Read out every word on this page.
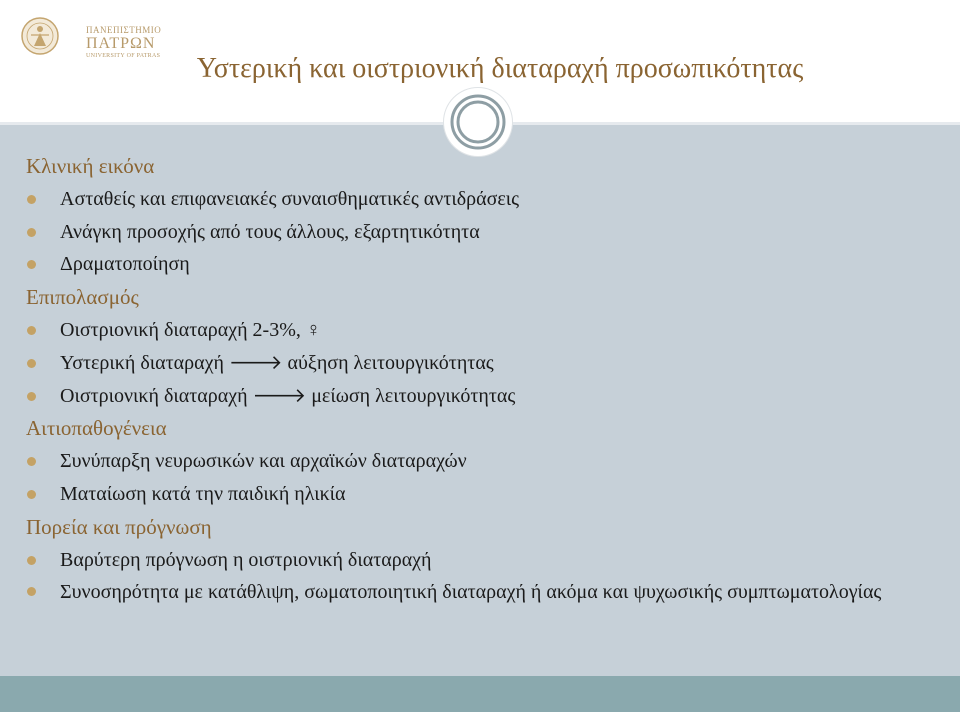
ΠΑΝΕΠΙΣΤΗΜΙΟ
ΠΑΤΡΩΝ
UNIVERSITY OF PATRAS	Υστερική και οιστριονική διαταραχή προσωπικότητας
Κλινική εικόνα
Ασταθείς και επιφανειακές συναισθηματικές αντιδράσεις
Ανάγκη προσοχής από τους άλλους, εξαρτητικότητα
Δραματοποίηση
Επιπολασμός
Οιστριονική διαταραχή 2-3%, ♀
Υστερική διαταραχή 🡒 αύξηση λειτουργικότητας
Οιστριονική διαταραχή 🡒 μείωση λειτουργικότητας
Αιτιοπαθογένεια
Συνύπαρξη νευρωσικών και αρχαϊκών διαταραχών
Ματαίωση κατά την παιδική ηλικία
Πορεία και πρόγνωση
Βαρύτερη πρόγνωση η οιστριονική διαταραχή
Συνοσηρότητα με κατάθλιψη, σωματοποιητική διαταραχή ή ακόμα και ψυχωσικής συμπτωματολογίας
